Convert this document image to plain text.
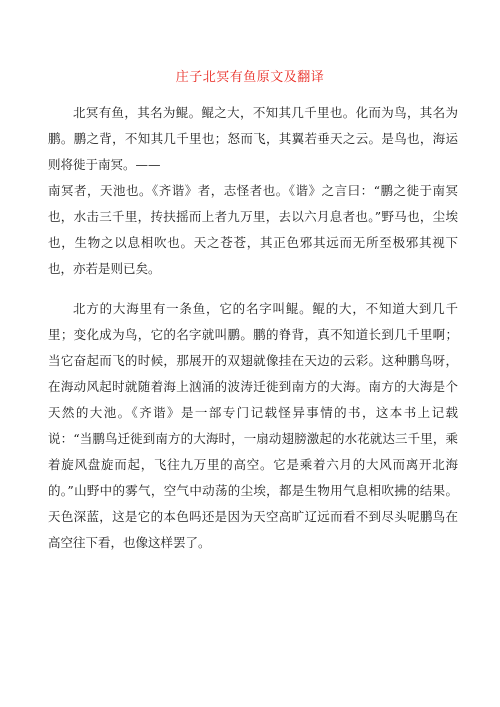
庄子北冥有鱼原文及翻译

北冥有鱼，其名为鲲。鲲之大，不知其几千里也。化而为鸟，其名为鹏。鹏之背，不知其几千里也；怒而飞，其翼若垂天之云。是鸟也，海运则将徙于南冥。——

南冥者，天池也。《齐谐》者，志怪者也。《谐》之言曰：“鹏之徙于南冥也，水击三千里，抟扶摇而上者九万里，去以六月息者也。”野马也，尘埃也，生物之以息相吹也。天之苍苍，其正色邪其远而无所至极邪其视下也，亦若是则已矣。

北方的大海里有一条鱼，它的名字叫鲲。鲲的大，不知道大到几千里；变化成为鸟，它的名字就叫鹏。鹏的脊背，真不知道长到几千里啊；当它奋起而飞的时候，那展开的双翅就像挂在天边的云彩。这种鹏鸟呀，在海动风起时就随着海上汹涌的波涛迁徙到南方的大海。南方的大海是个天然的大池。《齐谐》是一部专门记载怪异事情的书，这本书上记载说：“当鹏鸟迁徙到南方的大海时，一扇动翅膀激起的水花就达三千里，乘着旋风盘旋而起，飞往九万里的高空。它是乘着六月的大风而离开北海的。”山野中的雾气，空气中动荡的尘埃，都是生物用气息相吹拂的结果。天色深蓝，这是它的本色吗还是因为天空高旷辽远而看不到尽头呢鹏鸟在高空往下看，也像这样罢了。
